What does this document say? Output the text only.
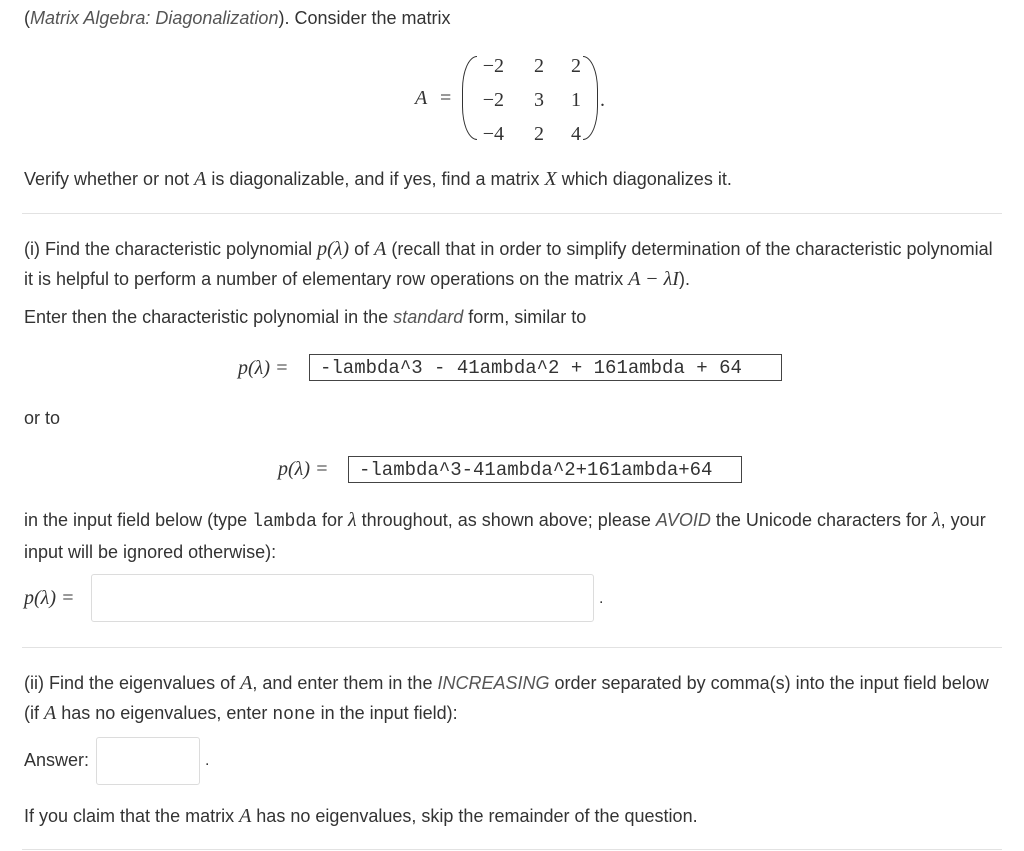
(Matrix Algebra: Diagonalization). Consider the matrix
A =
−2	2	2
−2	3	1
−4	2	4
.
Verify whether or not A is diagonalizable, and if yes, find a matrix X which diagonalizes it.
(i) Find the characteristic polynomial p(λ) of A (recall that in order to simplify determination of the characteristic polynomial it is helpful to perform a number of elementary row operations on the matrix A − λI).
Enter then the characteristic polynomial in the standard form, similar to
p(λ) =	-lambda^3 - 41ambda^2 + 161ambda + 64
or to
p(λ) =	-lambda^3-41ambda^2+161ambda+64
in the input field below (type lambda for λ throughout, as shown above; please AVOID the Unicode characters for λ, your input will be ignored otherwise):
p(λ) =	.
(ii) Find the eigenvalues of A, and enter them in the INCREASING order separated by comma(s) into the input field below (if A has no eigenvalues, enter none in the input field):
Answer:	.
If you claim that the matrix A has no eigenvalues, skip the remainder of the question.
